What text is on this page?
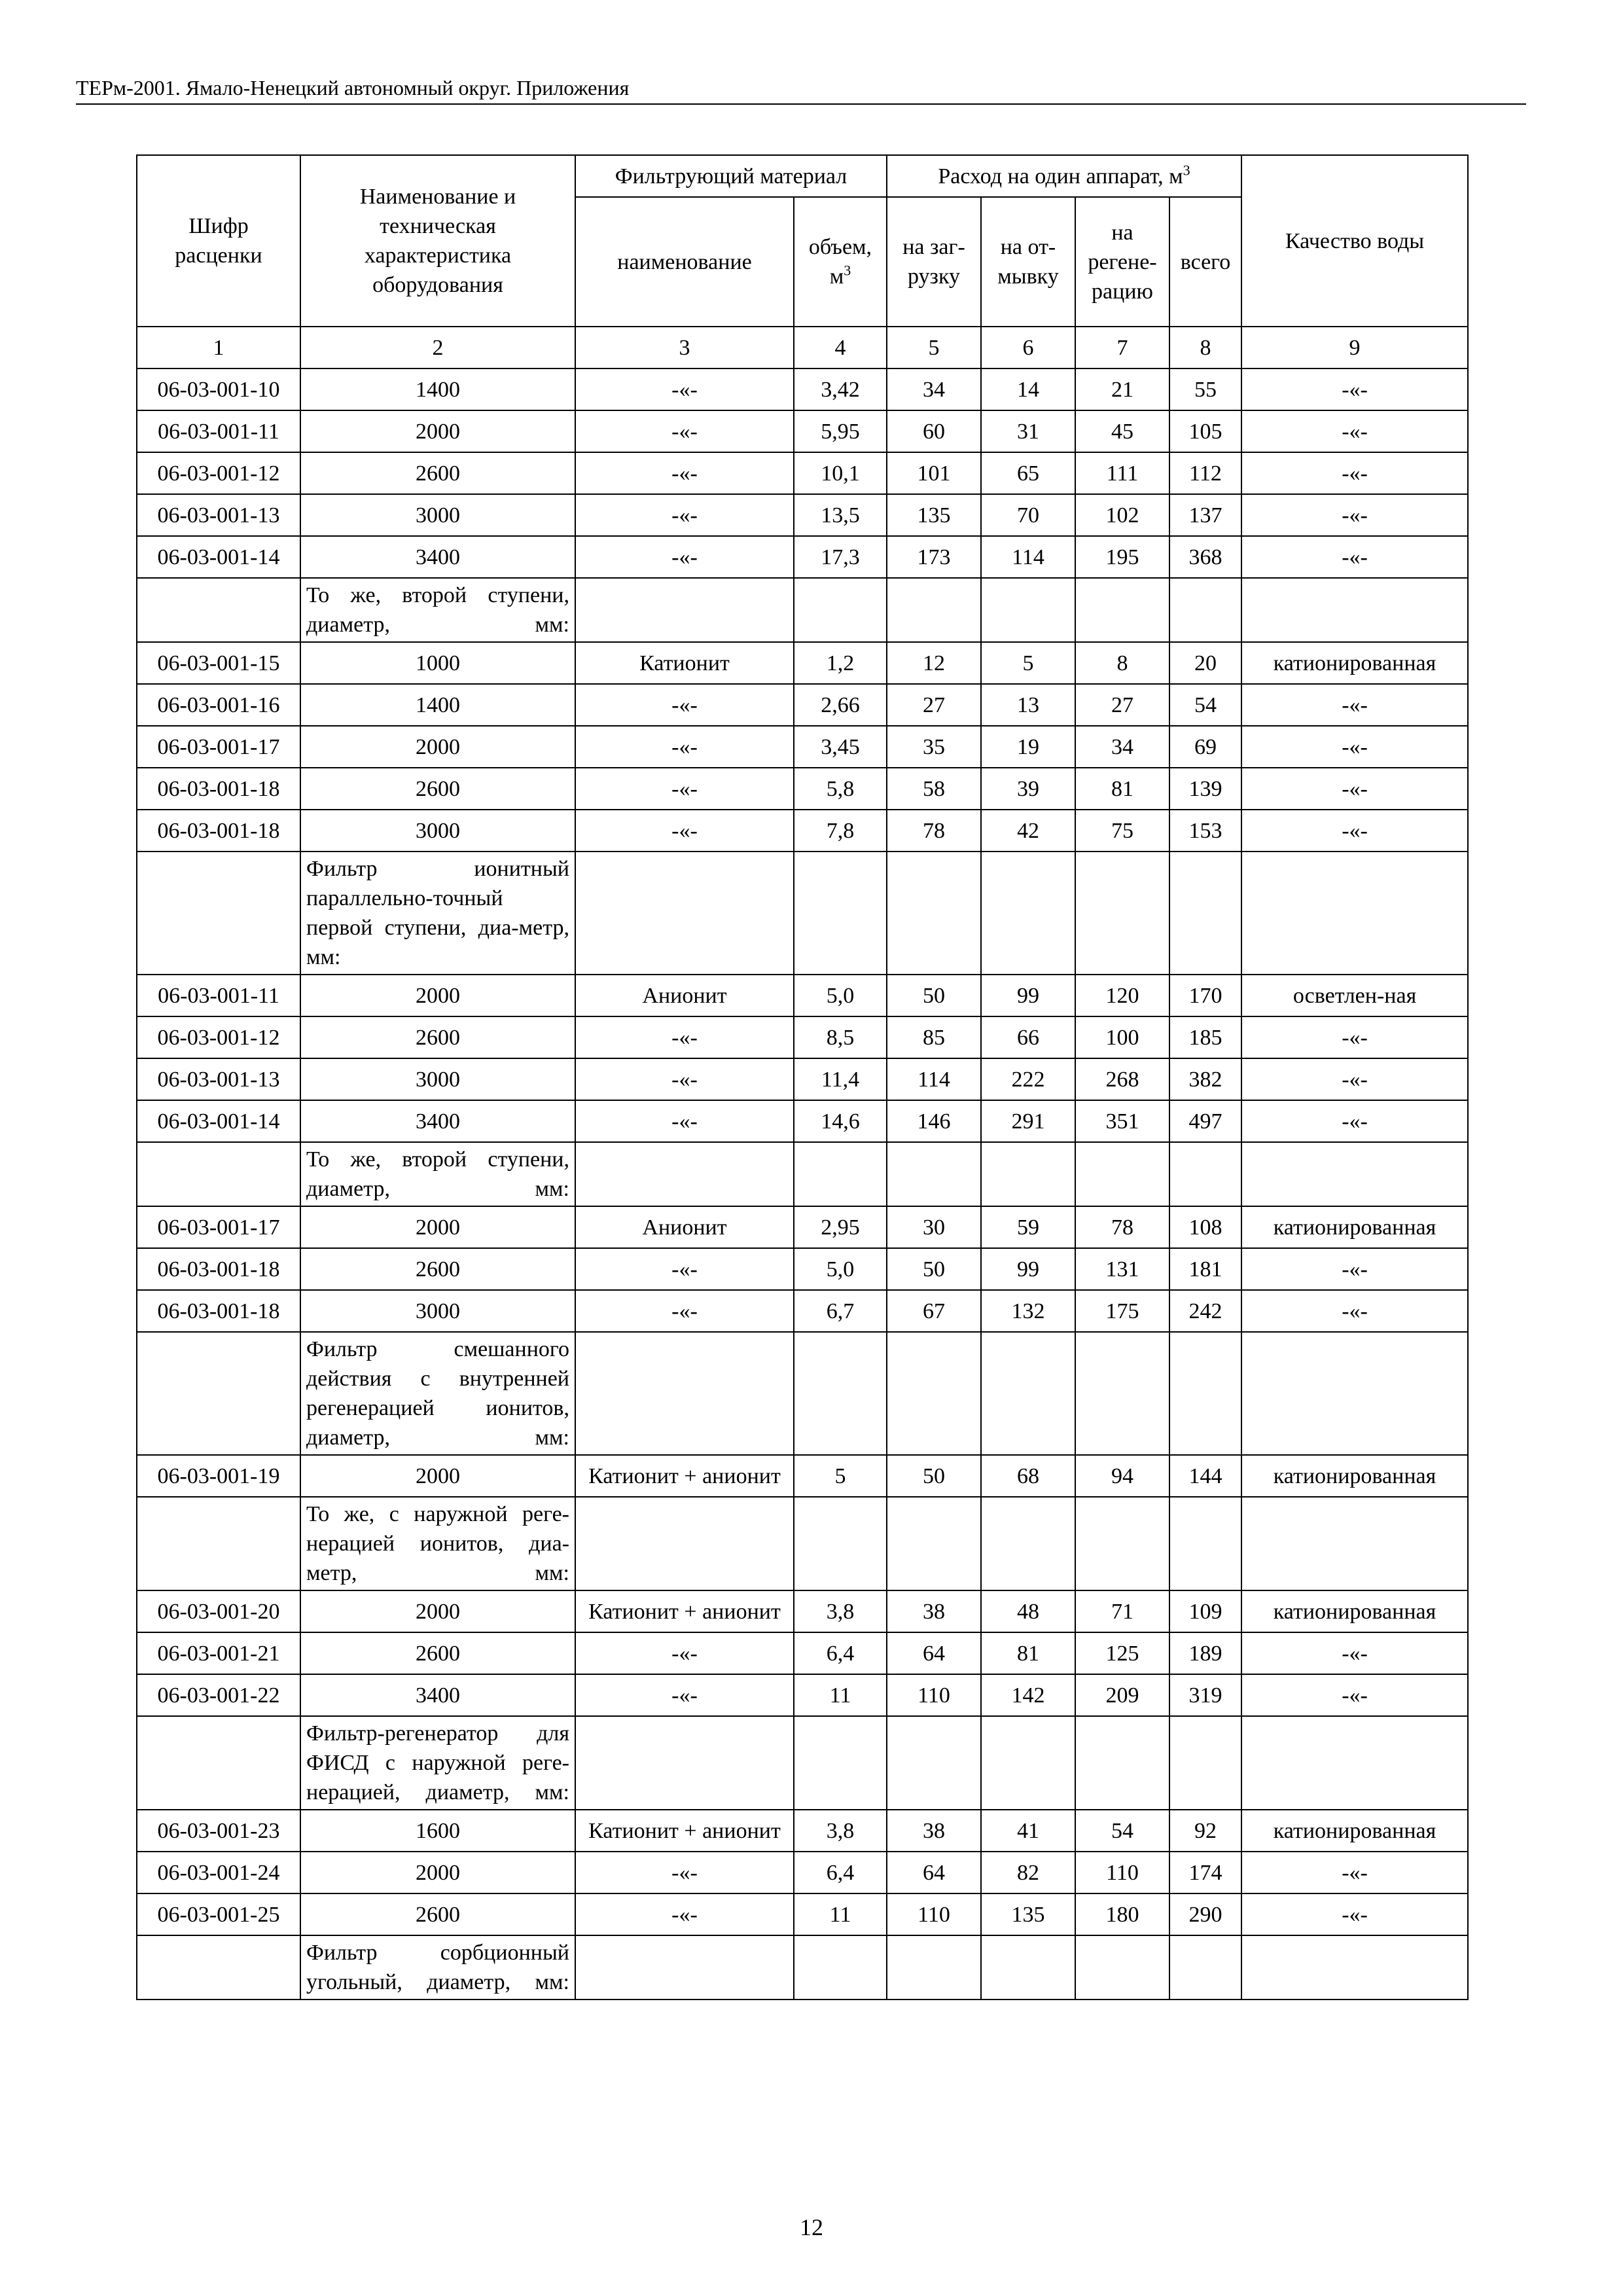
ТЕРм-2001. Ямало-Ненецкий автономный округ. Приложения
Шифр расценки	Наименование и техническая характеристика оборудования	Фильтрующий материал		Расход на один аппарат, $м^3$				Качество воды
		наименование	объем, $м^3$	на заг-рузку	на от-мывку	на регене-рацию	всего	
1	2	3	4	5	6	7	8	9
06-03-001-10	1400	-«-	3,42	34	14	21	55	-«-
06-03-001-11	2000	-«-	5,95	60	31	45	105	-«-
06-03-001-12	2600	-«-	10,1	101	65	111	112	-«-
06-03-001-13	3000	-«-	13,5	135	70	102	137	-«-
06-03-001-14	3400	-«-	17,3	173	114	195	368	-«-
	То же, второй ступени, диаметр, мм:							
06-03-001-15	1000	Катионит	1,2	12	5	8	20	катионированная
06-03-001-16	1400	-«-	2,66	27	13	27	54	-«-
06-03-001-17	2000	-«-	3,45	35	19	34	69	-«-
06-03-001-18	2600	-«-	5,8	58	39	81	139	-«-
06-03-001-18	3000	-«-	7,8	78	42	75	153	-«-
	Фильтр ионитный параллельно-точный первой ступени, диа-метр, мм:							
06-03-001-11	2000	Анионит	5,0	50	99	120	170	осветлен-ная
06-03-001-12	2600	-«-	8,5	85	66	100	185	-«-
06-03-001-13	3000	-«-	11,4	114	222	268	382	-«-
06-03-001-14	3400	-«-	14,6	146	291	351	497	-«-
	То же, второй ступени, диаметр, мм:							
06-03-001-17	2000	Анионит	2,95	30	59	78	108	катионированная
06-03-001-18	2600	-«-	5,0	50	99	131	181	-«-
06-03-001-18	3000	-«-	6,7	67	132	175	242	-«-
	Фильтр смешанного действия с внутренней регенерацией ионитов, диаметр, мм:							
06-03-001-19	2000	Катионит + анионит	5	50	68	94	144	катионированная
	То же, с наружной реге-нерацией ионитов, диа-метр, мм:							
06-03-001-20	2000	Катионит + анионит	3,8	38	48	71	109	катионированная
06-03-001-21	2600	-«-	6,4	64	81	125	189	-«-
06-03-001-22	3400	-«-	11	110	142	209	319	-«-
	Фильтр-регенератор для ФИСД с наружной реге-нерацией, диаметр, мм:							
06-03-001-23	1600	Катионит + анионит	3,8	38	41	54	92	катионированная
06-03-001-24	2000	-«-	6,4	64	82	110	174	-«-
06-03-001-25	2600	-«-	11	110	135	180	290	-«-
	Фильтр сорбционный угольный, диаметр, мм:							
12
